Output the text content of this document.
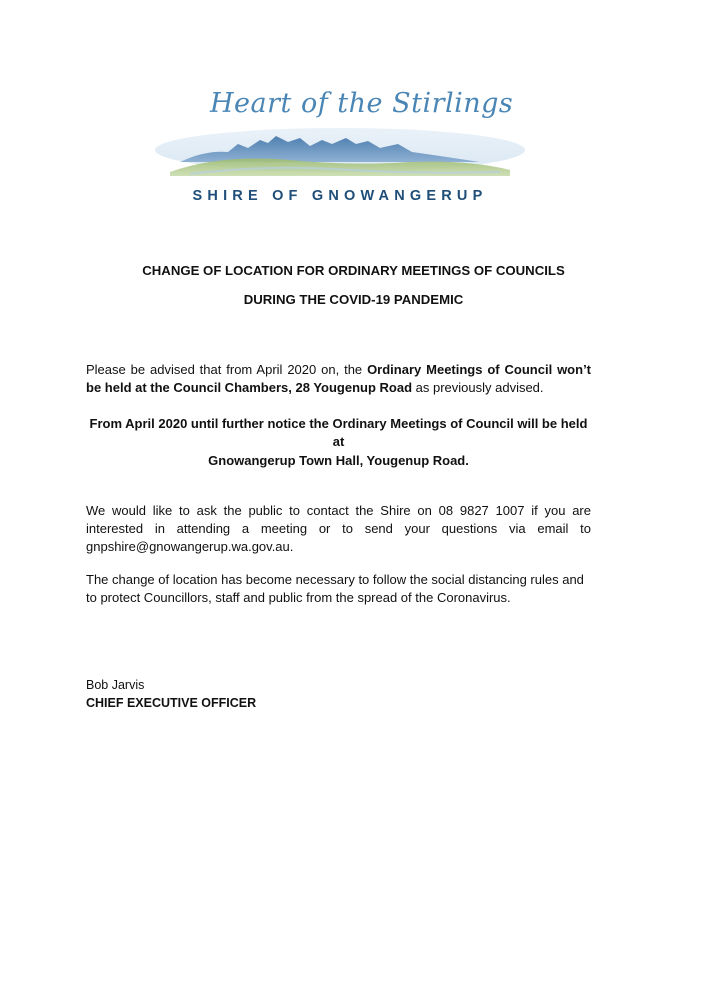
Heart of the Stirlings
SHIRE OF GNOWANGERUP
CHANGE OF LOCATION FOR ORDINARY MEETINGS OF COUNCILS
DURING THE COVID-19 PANDEMIC
Please be advised that from April 2020 on, the Ordinary Meetings of Council won’t be held at the Council Chambers, 28 Yougenup Road as previously advised.
From April 2020 until further notice the Ordinary Meetings of Council will be held at
Gnowangerup Town Hall, Yougenup Road.
We would like to ask the public to contact the Shire on 08 9827 1007 if you are interested in attending a meeting or to send your questions via email to gnpshire@gnowangerup.wa.gov.au.
The change of location has become necessary to follow the social distancing rules and to protect Councillors, staff and public from the spread of the Coronavirus.
Bob Jarvis
CHIEF EXECUTIVE OFFICER
